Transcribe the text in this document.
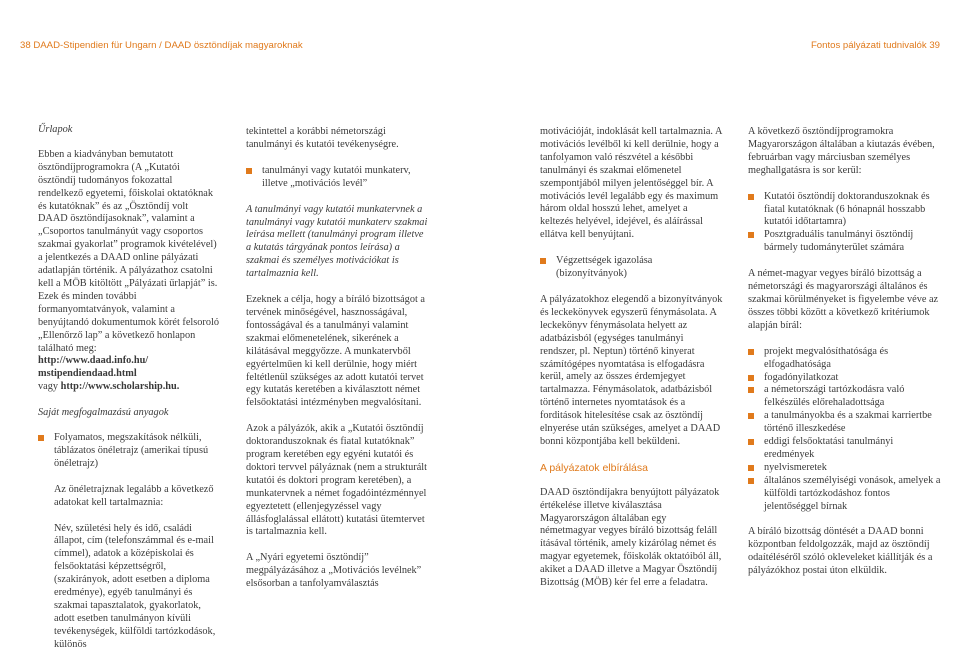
38 DAAD-Stipendien für Ungarn / DAAD ösztöndíjak magyaroknak	Fontos pályázati tudnivalók 39

Űrlapok

Ebben a kiadványban bemutatott ösztöndíjprogramokra (A „Kutatói ösztöndíj tudományos fokozattal rendelkező egyetemi, főiskolai oktatóknak és kutatóknak” és az „Ösztöndíj volt DAAD ösztöndíjasoknak”, valamint a „Csoportos tanulmányút vagy csoportos szakmai gyakorlat” programok kivételével) a jelentkezés a DAAD online pályázati adatlapján történik. A pályázathoz csatolni kell a MÖB kitöltött „Pályázati űrlapját” is. Ezek és minden további formanyomtatványok, valamint a benyújtandó dokumentumok körét felsoroló „Ellenőrző lap” a következő honlapon található meg:
http://www.daad.info.hu/ mstipendiendaad.html
vagy http://www.scholarship.hu.

Saját megfogalmazású anyagok

Folyamatos, megszakítások nélküli, táblázatos önéletrajz (amerikai típusú önéletrajz)

Az önéletrajznak legalább a következő adatokat kell tartalmaznia:

Név, születési hely és idő, családi állapot, cím (telefonszámmal és e-mail címmel), adatok a középiskolai és felsőoktatási képzettségről, (szakirányok, adott esetben a diploma eredménye), egyéb tanulmányi és szakmai tapasztalatok, gyakorlatok, adott esetben tanulmányon kívüli tevékenységek, külföldi tartózkodások, különös

tekintettel a korábbi németországi tanulmányi és kutatói tevékenységre.

tanulmányi vagy kutatói munkaterv, illetve „motivációs levél”

A tanulmányi vagy kutatói munkatervnek a tanulmányi vagy kutatói munkaterv szakmai leírása mellett (tanulmányi program illetve a kutatás tárgyának pontos leírása) a szakmai és személyes motivációkat is tartalmaznia kell.

Ezeknek a célja, hogy a bíráló bizottságot a tervének minőségével, hasznosságával, fontosságával és a tanulmányi valamint szakmai előmenetelének, sikerének a kilátásával meggyőzze. A munkatervből egyértelműen ki kell derülnie, hogy miért feltétlenül szükséges az adott kutatói tervet egy kutatás keretében a kiválasztott német felsőoktatási intézményben megvalósítani.

Azok a pályázók, akik a „Kutatói ösztöndíj doktoranduszoknak és fiatal kutatóknak” program keretében egy egyéni kutatói és doktori tervvel pályáznak (nem a strukturált kutatói és doktori program keretében), a munkatervnek a német fogadóintézménnyel egyeztetett (ellenjegyzéssel vagy állásfoglalással ellátott) kutatási ütemtervet is tartalmaznia kell.

A „Nyári egyetemi ösztöndíj” megpályázásához a „Motivációs levélnek” elsősorban a tanfolyamválasztás

motivációját, indoklását kell tartalmaznia. A motivációs levélből ki kell derülnie, hogy a tanfolyamon való részvétel a későbbi tanulmányi és szakmai előmenetel szempontjából milyen jelentőséggel bír. A motivációs levél legalább egy és maximum három oldal hosszú lehet, amelyet a keltezés helyével, idejével, és aláírással ellátva kell benyújtani.

Végzettségek igazolása (bizonyítványok)

A pályázatokhoz elegendő a bizonyítványok és leckekönyvek egyszerű fénymásolata. A leckekönyv fénymásolata helyett az adatbázisból (egységes tanulmányi rendszer, pl. Neptun) történő kinyerat számítógépes nyomtatása is elfogadásra kerül, amely az összes érdemjegyet tartalmazza. Fénymásolatok, adatbázisból történő internetes nyomtatások és a forditások hitelesítése csak az ösztöndíj elnyerése után szükséges, amelyet a DAAD bonni központjába kell beküldeni.

A pályázatok elbírálása

DAAD ösztöndíjakra benyújtott pályázatok értékelése illetve kiválasztása Magyarországon általában egy németmagyar vegyes bíráló bizottság feláll ításával történik, amely kizárólag német és magyar egyetemek, főiskolák oktatóiból áll, akiket a DAAD illetve a Magyar Ösztöndíj Bizottság (MÖB) kér fel erre a feladatra.

A következő ösztöndíjprogramokra Magyarországon általában a kiutazás évében, februárban vagy márciusban személyes meghallgatásra is sor kerül:

Kutatói ösztöndíj doktoranduszoknak és fiatal kutatóknak (6 hónapnál hosszabb kutatói időtartamra)
Posztgraduális tanulmányi ösztöndíj bármely tudományterület számára

A német-magyar vegyes bíráló bizottság a németországi és magyarországi általános és szakmai körülményeket is figyelembe véve az összes többi között a következő kritériumok alapján bírál:

projekt megvalósíthatósága és elfogadhatósága
fogadónyilatkozat
a németországi tartózkodásra való felkészülés előrehaladottsága
a tanulmányokba és a szakmai karriertbe történő illeszkedése
eddigi felsőoktatási tanulmányi eredmények
nyelvismeretek
általános személyiségi vonások, amelyek a külföldi tartózkodáshoz fontos jelentőséggel bírnak

A bíráló bizottság döntését a DAAD bonni központban feldolgozzák, majd az ösztöndíj odaítéléséről szóló okleveleket kiállítják és a pályázókhoz postai úton elküldik.
